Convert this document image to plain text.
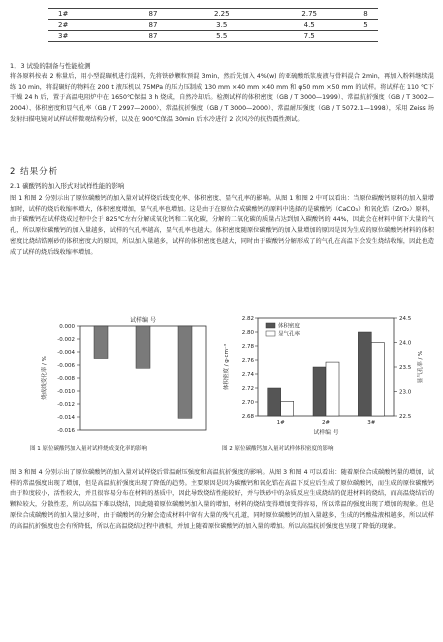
1#	87	2.25	2.75	8
2#	87	3.5	4.5	5
3#	87	5.5	7.5	
1．3 试验的制备与性能检测
将各原料按表 2 称量后，用小型混碾机进行混料，先将铁砂颗粒预混 3min，然后先加入 4%(w) 的亚硫酸纸浆废液与骨料混合 2min，再加入粉料继续混练 10 min，将混碾好的物料在 200 t 液压机以 75MPa 的压力压制成 130 mm ×40 mm ×40 mm 和 φ50 mm ×50 mm 的试样。将试样在 110 ℃下干燥 24 h 后，置于高温电阻炉中在 1650℃保温 3 h 烧成，自然冷却后。检测试样的体积密度（GB / T 3000—1999）、常温抗折强度（GB / T 3002—2004）、体积密度和显气孔率（GB / T 2997—2000）、常温抗折强度（GB / T 3000—2000）、常温耐压强度（GB / T 5072.1—1998），采用 Zeiss 场发射扫描电镜对试样试样微观结构分析，以及在 900℃保温 30min 后水冷进行 2 次风冷的抗热震性测试。
2 结果分析
2.1 碳酸钙的加入形式对试样性能的影响
图 1 和图 2 分别示出了原位碳酸钙的加入量对试样烧后线变化率、体积密度、显气孔率的影响。从图 1 和图 2 中可以看出：当原位碳酸钙原料的加入量增加时，试样的烧后收缩率增大，体积密度增加，显气孔率也增加。这是由于在原位合成碳酸钙的原料中选择的是碳酸钙（CaCO₃）和氧化锆（ZrO₂）原料，由于碳酸钙在试样烧成过程中会于 825℃左右分解成氧化钙和二氧化碳，分解的二氧化碳的质量占达到加入碳酸钙的 44%，因此会在材料中留下大量的气孔，所以原位碳酸钙的加入量越多，试样的气孔率越高，显气孔率也越大。体积密度随原位碳酸钙的加入量增加的原因是因为生成的原位碳酸钙材料的体积密度比烧结锆刚砂的体积密度大的原因，所以加入量越多，试样的体积密度也越大，同时由于碳酸钙分解形成了的气孔在高温下会发生烧结收缩，因此也造成了试样的烧后线收缩率增加。
0.000
-0.002
-0.004
-0.006
-0.008
-0.010
-0.012
-0.014
-0.016
试样编 号
烧成线变化率 / %
图 1 原位碳酸钙加入量对试样烧成变化率的影响
2.68
2.70
2.72
2.74
2.76
2.78
2.80
2.82
22.5
23.0
23.5
24.0
24.5
体积密度 / g·cm⁻³	显气孔率 / %
试样编 号
1#	2#	3#
体积密度
显气孔率
图 2 原位碳酸钙加入量对试样体积密度的影响
图 3 和图 4 分别示出了原位碳酸钙的加入量对试样烧后常温耐压强度和高温抗折强度的影响。从图 3 和图 4 可以看出：随着原位合成碳酸钙量的增加，试样的常温强度出现了增加，但是高温抗折强度出现了降低的趋势。主要原因是因为碳酸钙和氧化锆在高温下反应后生成了原位碳酸钙，而生成的原位碳酸钙由于粒度较小，活性较大，并且很容易分布在材料的基质中，因此导致烧结性能较好，并与铁砂中的杂质反应生成烧结的促进材料的烧结，而高温烧结后的颗粒较大，分散性差，所以高温下难以烧结，因此随着原位碳酸钙加入量的增加，材料的烧结变得增加变得容易，所以常温的强度出现了增加的现象。但是原位合成碳酸钙的加入量过多时，由于碳酸钙的分解会造成材料中留有大量的残气孔道，同时原位碳酸钙的加入量越多，生成的钙酸盐液相越多，所以试样的高温抗折强度也会有所降低，所以在高温烧结过程中液相，并加上随着原位碳酸钙的加入量的增加。所以高温抗折强度也呈现了降低的现象。
